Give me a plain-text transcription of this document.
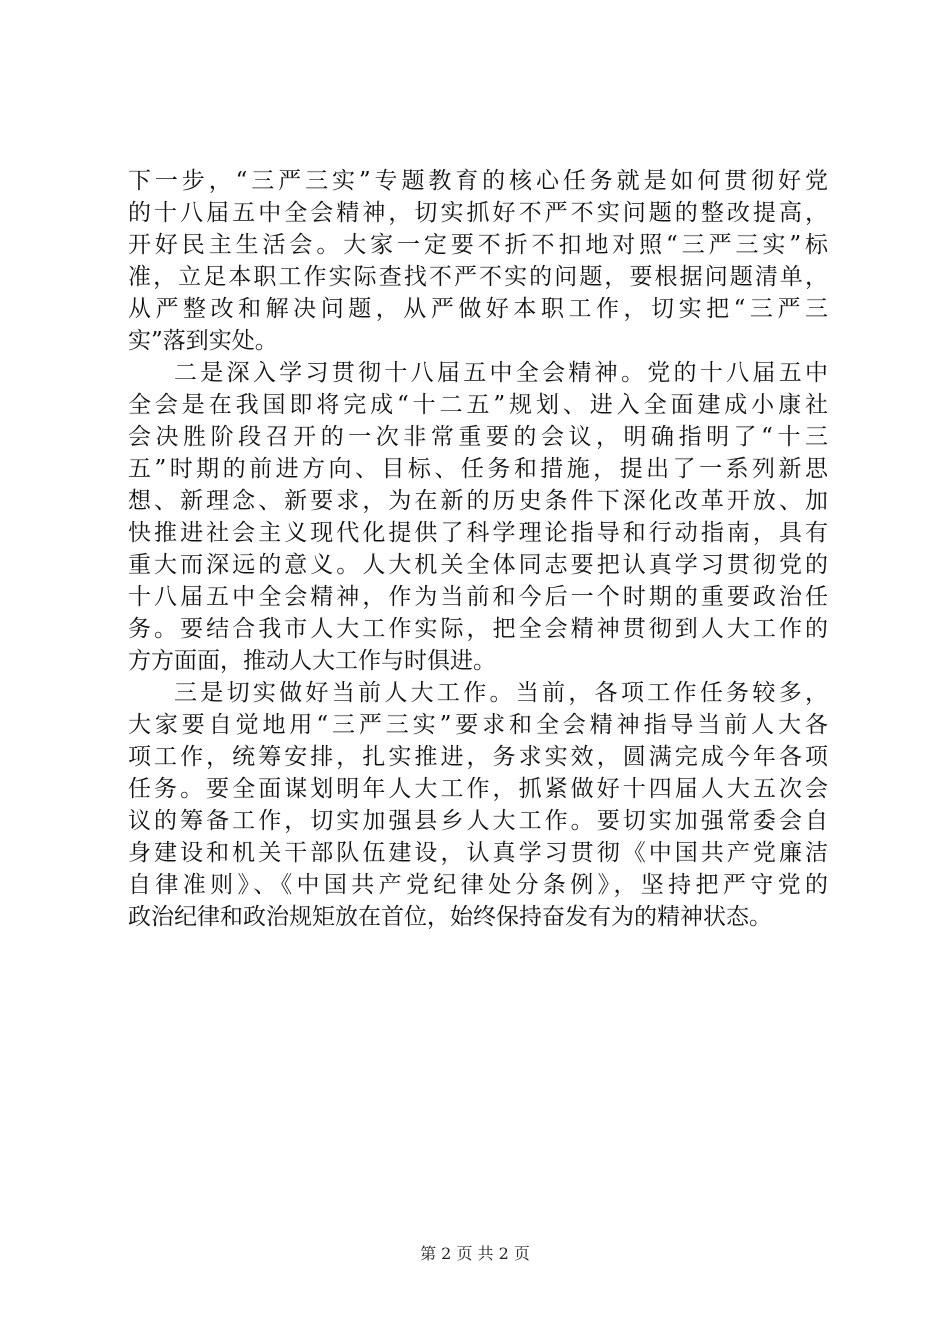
下一步，“三严三实”专题教育的核心任务就是如何贯彻好党
的十八届五中全会精神，切实抓好不严不实问题的整改提高，
开好民主生活会。大家一定要不折不扣地对照“三严三实”标
准，立足本职工作实际查找不严不实的问题，要根据问题清单，
从严整改和解决问题，从严做好本职工作，切实把“三严三
实”落到实处。
二是深入学习贯彻十八届五中全会精神。党的十八届五中
全会是在我国即将完成“十二五”规划、进入全面建成小康社
会决胜阶段召开的一次非常重要的会议，明确指明了“十三
五”时期的前进方向、目标、任务和措施，提出了一系列新思
想、新理念、新要求，为在新的历史条件下深化改革开放、加
快推进社会主义现代化提供了科学理论指导和行动指南，具有
重大而深远的意义。人大机关全体同志要把认真学习贯彻党的
十八届五中全会精神，作为当前和今后一个时期的重要政治任
务。要结合我市人大工作实际，把全会精神贯彻到人大工作的
方方面面，推动人大工作与时俱进。
三是切实做好当前人大工作。当前，各项工作任务较多，
大家要自觉地用“三严三实”要求和全会精神指导当前人大各
项工作，统筹安排，扎实推进，务求实效，圆满完成今年各项
任务。要全面谋划明年人大工作，抓紧做好十四届人大五次会
议的筹备工作，切实加强县乡人大工作。要切实加强常委会自
身建设和机关干部队伍建设，认真学习贯彻《中国共产党廉洁
自律准则》、《中国共产党纪律处分条例》，坚持把严守党的
政治纪律和政治规矩放在首位，始终保持奋发有为的精神状态。
第 2 页 共 2 页
